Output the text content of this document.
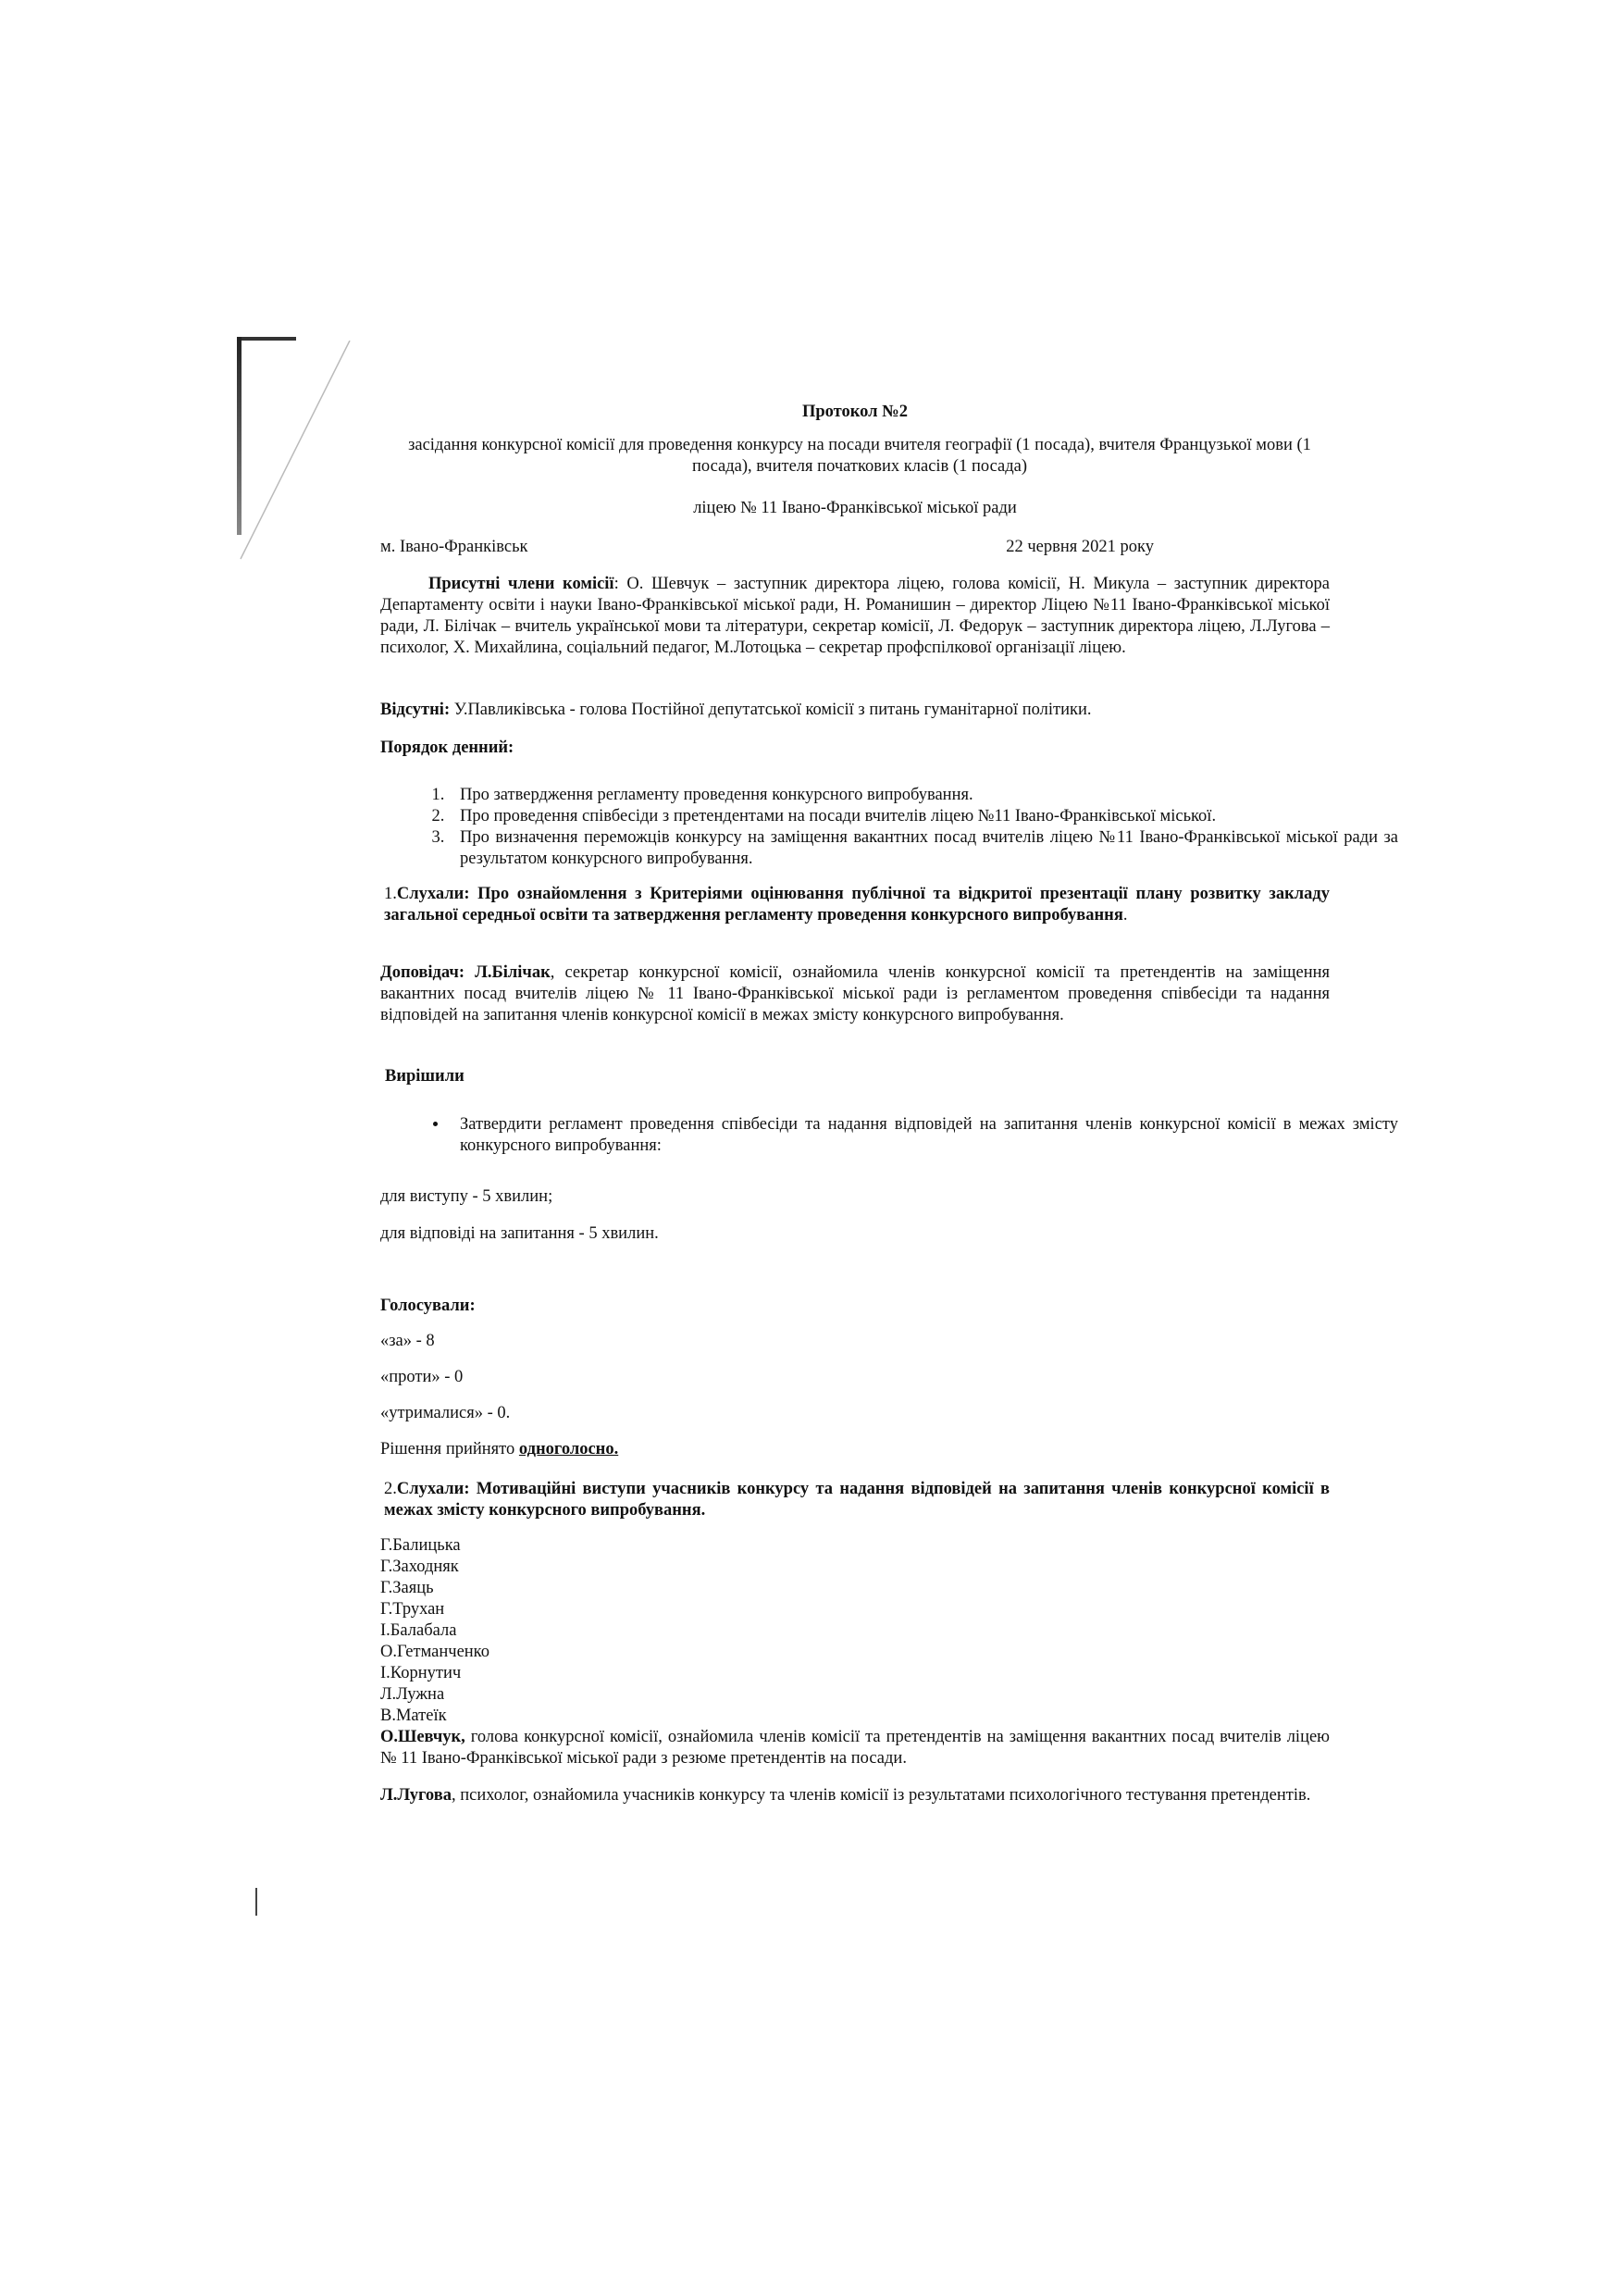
Протокол №2
засідання конкурсної комісії для проведення конкурсу на посади вчителя географії (1 посада), вчителя Французької мови (1 посада), вчителя початкових класів (1 посада)
ліцею № 11 Івано-Франківської міської ради
м. Івано-Франківськ	22 червня 2021 року

Присутні члени комісії: О. Шевчук – заступник директора ліцею, голова комісії, Н. Микула – заступник директора Департаменту освіти і науки Івано-Франківської міської ради, Н. Романишин – директор Ліцею №11 Івано-Франківської міської ради, Л. Білічак – вчитель української мови та літератури, секретар комісії, Л. Федорук – заступник директора ліцею, Л.Лугова – психолог, Х. Михайлина, соціальний педагог, М.Лотоцька – секретар профспілкової організації ліцею.

Відсутні: У.Павликівська - голова Постійної депутатської комісії з питань гуманітарної політики.

Порядок денний:
1. Про затвердження регламенту проведення конкурсного випробування.
2. Про проведення співбесіди з претендентами на посади вчителів ліцею №11 Івано-Франківської міської.
3. Про визначення переможців конкурсу на заміщення вакантних посад вчителів ліцею №11 Івано-Франківської міської ради за результатом конкурсного випробування.

1.Слухали: Про ознайомлення з Критеріями оцінювання публічної та відкритої презентації плану розвитку закладу загальної середньої освіти та затвердження регламенту проведення конкурсного випробування.

Доповідач: Л.Білічак, секретар конкурсної комісії, ознайомила членів конкурсної комісії та претендентів на заміщення вакантних посад вчителів ліцею № 11 Івано-Франківської міської ради із регламентом проведення співбесіди та надання відповідей на запитання членів конкурсної комісії в межах змісту конкурсного випробування.

Вирішили
• Затвердити регламент проведення співбесіди та надання відповідей на запитання членів конкурсної комісії в межах змісту конкурсного випробування:
для виступу - 5 хвилин;
для відповіді на запитання - 5 хвилин.
Голосували:
«за» - 8
«проти» - 0
«утрималися» - 0.
Рішення прийнято одноголосно.

2.Слухали: Мотиваційні виступи учасників конкурсу та надання відповідей на запитання членів конкурсної комісії в межах змісту конкурсного випробування.

Г.Балицька
Г.Заходняк
Г.Заяць
Г.Трухан
І.Балабала
О.Гетманченко
І.Корнутич
Л.Лужна
В.Матеїк

О.Шевчук, голова конкурсної комісії, ознайомила членів комісії та претендентів на заміщення вакантних посад вчителів ліцею № 11 Івано-Франківської міської ради з резюме претендентів на посади.

Л.Лугова, психолог, ознайомила учасників конкурсу та членів комісії із результатами психологічного тестування претендентів.
